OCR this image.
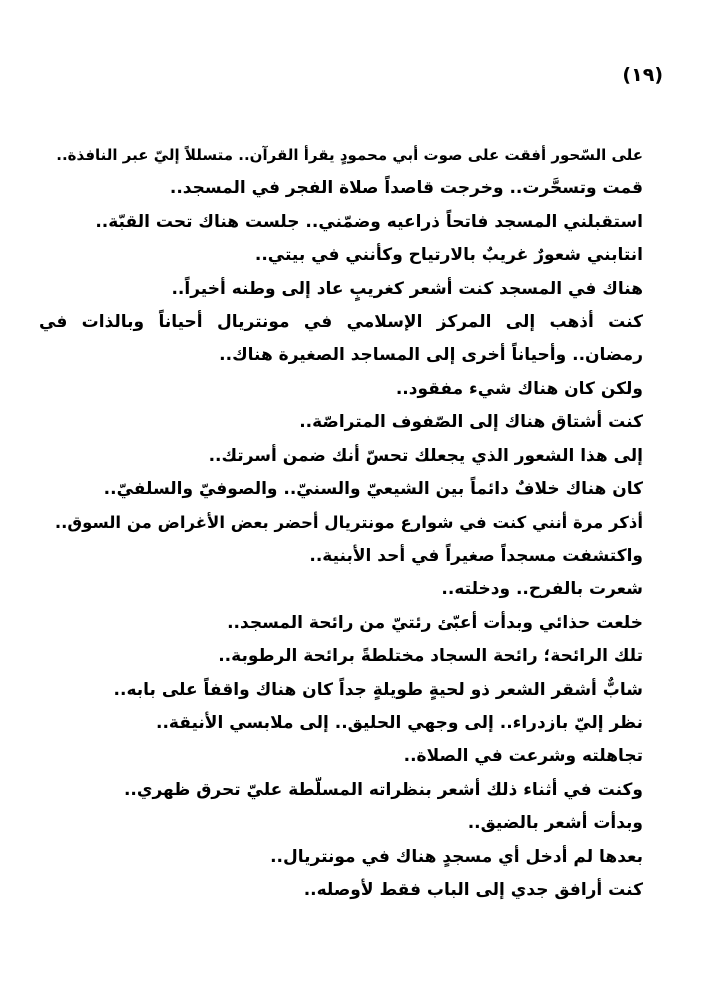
(١٩)

على السّحور أفقت على صوت أبي محمودٍ يقرأ القرآن.. متسللاً إليّ عبر النافذة..

قمت وتسحَّرت.. وخرجت قاصداً صلاة الفجر في المسجد..

استقبلني المسجد فاتحاً ذراعيه وضمّني.. جلست هناك تحت القبّة..

انتابني شعورٌ غريبٌ بالارتياح وكأنني في بيتي..

هناك في المسجد كنت أشعر كغريبٍ عاد إلى وطنه أخيراً..

كنت أذهب إلى المركز الإسلامي في مونتريال أحياناً وبالذات في رمضان.. وأحياناً أخرى إلى المساجد الصغيرة هناك..

ولكن كان هناك شيء مفقود..

كنت أشتاق هناك إلى الصّفوف المتراصّة..

إلى هذا الشعور الذي يجعلك تحسّ أنك ضمن أسرتك..

كان هناك خلافٌ دائماً بين الشيعيّ والسنيّ.. والصوفيّ والسلفيّ..

أذكر مرة أنني كنت في شوارع مونتريال أحضر بعض الأغراض من السوق..

واكتشفت مسجداً صغيراً في أحد الأبنية..

شعرت بالفرح.. ودخلته..

خلعت حذائي وبدأت أعبّئ رئتيّ من رائحة المسجد..

تلك الرائحة؛ رائحة السجاد مختلطةً برائحة الرطوبة..

شابٌّ أشقر الشعر ذو لحيةٍ طويلةٍ جداً كان هناك واقفاً على بابه..

نظر إليّ بازدراء.. إلى وجهي الحليق.. إلى ملابسي الأنيقة..

تجاهلته وشرعت في الصلاة..

وكنت في أثناء ذلك أشعر بنظراته المسلّطة عليّ تحرق ظهري..

وبدأت أشعر بالضيق..

بعدها لم أدخل أي مسجدٍ هناك في مونتريال..

كنت أرافق جدي إلى الباب فقط لأوصله..
